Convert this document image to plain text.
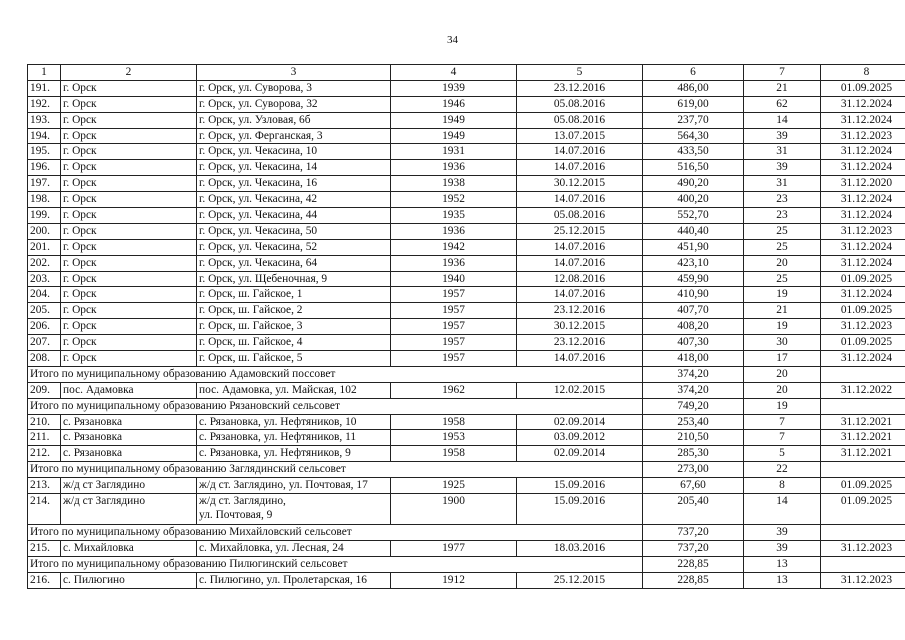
34
1	2	3	4	5	6	7	8
191.	г. Орск	г. Орск, ул. Суворова, 3	1939	23.12.2016	486,00	21	01.09.2025
192.	г. Орск	г. Орск, ул. Суворова, 32	1946	05.08.2016	619,00	62	31.12.2024
193.	г. Орск	г. Орск, ул. Узловая, 6б	1949	05.08.2016	237,70	14	31.12.2024
194.	г. Орск	г. Орск, ул. Ферганская, 3	1949	13.07.2015	564,30	39	31.12.2023
195.	г. Орск	г. Орск, ул. Чекасина, 10	1931	14.07.2016	433,50	31	31.12.2024
196.	г. Орск	г. Орск, ул. Чекасина, 14	1936	14.07.2016	516,50	39	31.12.2024
197.	г. Орск	г. Орск, ул. Чекасина, 16	1938	30.12.2015	490,20	31	31.12.2020
198.	г. Орск	г. Орск, ул. Чекасина, 42	1952	14.07.2016	400,20	23	31.12.2024
199.	г. Орск	г. Орск, ул. Чекасина, 44	1935	05.08.2016	552,70	23	31.12.2024
200.	г. Орск	г. Орск, ул. Чекасина, 50	1936	25.12.2015	440,40	25	31.12.2023
201.	г. Орск	г. Орск, ул. Чекасина, 52	1942	14.07.2016	451,90	25	31.12.2024
202.	г. Орск	г. Орск, ул. Чекасина, 64	1936	14.07.2016	423,10	20	31.12.2024
203.	г. Орск	г. Орск, ул. Щебеночная, 9	1940	12.08.2016	459,90	25	01.09.2025
204.	г. Орск	г. Орск, ш. Гайское, 1	1957	14.07.2016	410,90	19	31.12.2024
205.	г. Орск	г. Орск, ш. Гайское, 2	1957	23.12.2016	407,70	21	01.09.2025
206.	г. Орск	г. Орск, ш. Гайское, 3	1957	30.12.2015	408,20	19	31.12.2023
207.	г. Орск	г. Орск, ш. Гайское, 4	1957	23.12.2016	407,30	30	01.09.2025
208.	г. Орск	г. Орск, ш. Гайское, 5	1957	14.07.2016	418,00	17	31.12.2024
Итого по муниципальному образованию Адамовский поссовет					374,20	20	
209.	пос. Адамовка	пос. Адамовка, ул. Майская, 102	1962	12.02.2015	374,20	20	31.12.2022
Итого по муниципальному образованию Рязановский сельсовет					749,20	19	
210.	с. Рязановка	с. Рязановка, ул. Нефтяников, 10	1958	02.09.2014	253,40	7	31.12.2021
211.	с. Рязановка	с. Рязановка, ул. Нефтяников, 11	1953	03.09.2012	210,50	7	31.12.2021
212.	с. Рязановка	с. Рязановка, ул. Нефтяников, 9	1958	02.09.2014	285,30	5	31.12.2021
Итого по муниципальному образованию Заглядинский сельсовет					273,00	22	
213.	ж/д ст Заглядино	ж/д ст. Заглядино, ул. Почтовая, 17	1925	15.09.2016	67,60	8	01.09.2025
214.	ж/д ст Заглядино	ж/д ст. Заглядино,
ул. Почтовая, 9	1900	15.09.2016	205,40	14	01.09.2025
Итого по муниципальному образованию Михайловский сельсовет					737,20	39	
215.	с. Михайловка	с. Михайловка, ул. Лесная, 24	1977	18.03.2016	737,20	39	31.12.2023
Итого по муниципальному образованию Пилюгинский сельсовет					228,85	13	
216.	с. Пилюгино	с. Пилюгино, ул. Пролетарская, 16	1912	25.12.2015	228,85	13	31.12.2023
